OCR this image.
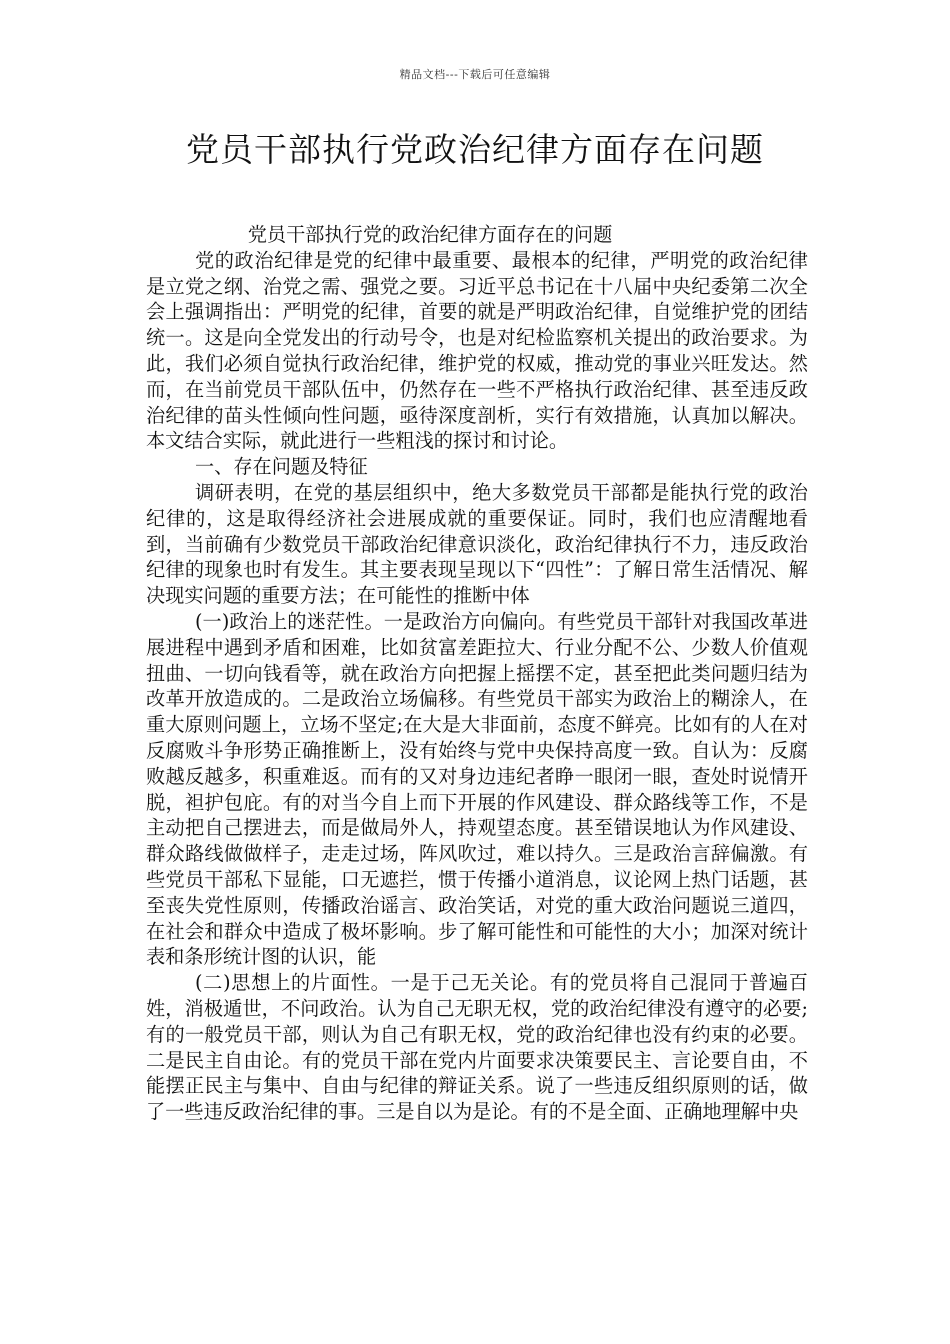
精品文档---下载后可任意编辑
党员干部执行党政治纪律方面存在问题

党员干部执行党的政治纪律方面存在的问题

党的政治纪律是党的纪律中最重要、最根本的纪律，严明党的政治纪律是立党之纲、治党之需、强党之要。习近平总书记在十八届中央纪委第二次全会上强调指出：严明党的纪律，首要的就是严明政治纪律，自觉维护党的团结统一。这是向全党发出的行动号令，也是对纪检监察机关提出的政治要求。为此，我们必须自觉执行政治纪律，维护党的权威，推动党的事业兴旺发达。然而，在当前党员干部队伍中，仍然存在一些不严格执行政治纪律、甚至违反政治纪律的苗头性倾向性问题，亟待深度剖析，实行有效措施，认真加以解决。本文结合实际，就此进行一些粗浅的探讨和讨论。

一、存在问题及特征

调研表明，在党的基层组织中，绝大多数党员干部都是能执行党的政治纪律的，这是取得经济社会进展成就的重要保证。同时，我们也应清醒地看到，当前确有少数党员干部政治纪律意识淡化，政治纪律执行不力，违反政治纪律的现象也时有发生。其主要表现呈现以下“四性”：了解日常生活情况、解决现实问题的重要方法；在可能性的推断中体

(一)政治上的迷茫性。一是政治方向偏向。有些党员干部针对我国改革进展进程中遇到矛盾和困难，比如贫富差距拉大、行业分配不公、少数人价值观扭曲、一切向钱看等，就在政治方向把握上摇摆不定，甚至把此类问题归结为改革开放造成的。二是政治立场偏移。有些党员干部实为政治上的糊涂人，在重大原则问题上，立场不坚定;在大是大非面前，态度不鲜亮。比如有的人在对反腐败斗争形势正确推断上，没有始终与党中央保持高度一致。自认为：反腐败越反越多，积重难返。而有的又对身边违纪者睁一眼闭一眼，查处时说情开脱，袒护包庇。有的对当今自上而下开展的作风建设、群众路线等工作，不是主动把自己摆进去，而是做局外人，持观望态度。甚至错误地认为作风建设、群众路线做做样子，走走过场，阵风吹过，难以持久。三是政治言辞偏激。有些党员干部私下显能，口无遮拦，惯于传播小道消息，议论网上热门话题，甚至丧失党性原则，传播政治谣言、政治笑话，对党的重大政治问题说三道四，在社会和群众中造成了极坏影响。步了解可能性和可能性的大小；加深对统计表和条形统计图的认识，能

(二)思想上的片面性。一是于己无关论。有的党员将自己混同于普遍百姓，消极遁世，不问政治。认为自己无职无权，党的政治纪律没有遵守的必要;有的一般党员干部，则认为自己有职无权，党的政治纪律也没有约束的必要。二是民主自由论。有的党员干部在党内片面要求决策要民主、言论要自由，不能摆正民主与集中、自由与纪律的辩证关系。说了一些违反组织原则的话，做了一些违反政治纪律的事。三是自以为是论。有的不是全面、正确地理解中央
